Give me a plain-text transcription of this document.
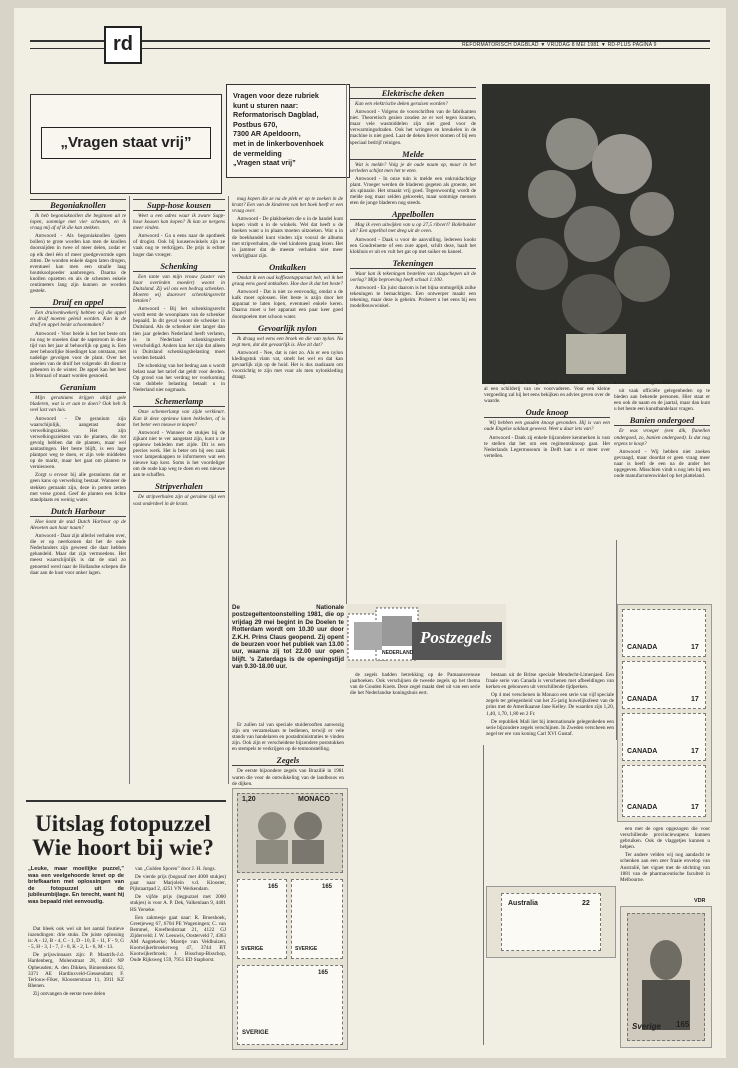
rd	REFORMATORISCH DAGBLAD ▼ VRIJDAG 8 MEI 1981 ▼ RD-PLUS PAGINA 9
„Vragen staat vrij”
Vragen voor deze rubriek
kunt u sturen naar:
Reformatorisch Dagblad,
Postbus 670,
7300 AR Apeldoorn,
met in de linkerbovenhoek
de vermelding
„Vragen staat vrij”
Begoniaknollen

Ik heb begoniaknollen die beginnen uit te lopen, sommige met vier scheuten, en ik vraag mij af of ik die kan stekken.

Antwoord - Als begoniaknollen (geen bollen) te grote worden kan men de knollen doorsnijden in twee of meer delen, zodat er op elk deel één of meer goedgevormde ogen zitten. De wonden enkele dagen laten drogen, eventueel kan men een smalle laag houtskoolpoeder aanbrengen. Daarna de knollen opzetten en als de scheuten enkele centimeters lang zijn kunnen ze worden gestekt.

Druif en appel

Een druivenkwekerij hebben wij die appel en druif moeten geleid worden. Kan ik de druif en appel beide schoonmaken?

Antwoord - Voor beide is het het beste om nu nog te snoeien daar de sapstroom in deze tijd van het jaar al behoorlijk op gang is. Een zeer behoorlijke bloedinget kan ontstaan, met nadelige gevolgen voor de plant. Over het snoeien van de druif het volgende: dit dient te gebeuren in de winter. De appel kan het best in februari of maart worden gesnoeid.

Geranium

Mijn geraniums krijgen altijd gele bladeren, wat is er aan te doen? Ook heb ik veel last van luis.

Antwoord - De geranium zijn waarschijnlijk, aangetast door verwelkingsziekte. Het zijn verwelkingsziekten van de planten, die tot gevolg hebben dat de planten, maar wel aantastingen. Het beste blijft, is een lage plantpot weg te doen, er zijn vele middelen op de markt, maar het gaat om planten te vernieuwen.

Zorgt u ervoor bij alle geraniums dat er geen kans op verwelking bestaat. Wanneer de stekken gemaakt zijn, deze in potten zetten met verse grond. Geef de planten een lichte standplaats en weinig water.

Dutch Harbour

Hoe komt de stad Dutch Harbour op de Aleoeten aan haar naam?

Antwoord - Daar zijn allerlei verhalen over, die er op neerkomen dat het de oude Nederlanders zijn geweest die daar hebben gehandeld. Maar dat zijn vermoedens. Het meest waarschijnlijk is dat de stad zo genoemd werd naar de Hollandse schepen die daar aan de kust voor anker lagen.

Supp-hose kousen

Weet u een adres waar ik zware Supp-hose kousen kan kopen? Ik kan ze nergens meer vinden.

Antwoord - Ga u eens naar de apotheek of drogist. Ook bij kousenwinkels zijn ze vaak nog te verkrijgen. De prijs is echter hoger dan vroeger.

Schenking

Een tante van mijn vrouw (zuster van haar overleden moeder) woont in Duitsland. Zij wil ons een bedrag schenken. Moeten wij daarover schenkingsrecht betalen?

Antwoord - Bij het schenkingsrecht wordt eerst de woonplaats van de schenker bepaald. In dit geval woont de schenker in Duitsland. Als de schenker niet langer dan tien jaar geleden Nederland heeft verlaten, is in Nederland schenkingsrecht verschuldigd. Anders kan het zijn dat alleen in Duitsland schenkingsbelasting moet worden betaald.

De schenking van het bedrag aan u wordt belast naar het tarief dat geldt voor derden. Op grond van het verdrag ter voorkoming van dubbele belasting betaalt u in Nederland niet nogmaals.

Schemerlamp

Onze schemerlamp van zijde verkleurt. Kan ik deze opnieuw laten bekleden, of is het beter een nieuwe te kopen?

Antwoord - Wanneer de stukjes bij de zijkant niet te ver aangetast zijn, kunt u ze opnieuw bekleden met zijde. Dit is een precies werk. Het is beter om bij een zaak voor lampenkappen te informeren wat een nieuwe kap kost. Soms is het voordeliger om de oude kap weg te doen en een nieuwe aan te schaffen.

Stripverhalen

De stripverhalen zijn al geruime tijd een vast onderdeel in de krant.

mag kopen die ze na de plek er op te zoeken in de krant? Een van de kinderen van het boek heeft er een vraag over.

Antwoord - De plakboeken die u in de handel kunt kopen vindt u in de winkels. Wel dat heeft u de boeken want u in plaats moeten uitzoeken. Wat u in de boekhandel kunt vinden zijn vooral de albums met stripverhalen, die veel kinderen graag lezen. Het is jammer dat de meeste verhalen niet meer verkrijgbaar zijn.

Ontkalken

Omdat ik een oud koffiezetapparaat heb, wil ik het graag eens goed ontkalken. Hoe doe ik dat het beste?

Antwoord - Dat is niet zo eenvoudig, omdat u de kalk moet oplossen. Het beste is azijn door het apparaat te laten lopen, eventueel enkele keren. Daarna moet u het apparaat een paar keer goed doorspoelen met schoon water.

Gevoarlijk nylon

Ik draag wel eens een broek en die van nylon. Nu zegt men, dat dat gevaarlijk is. Hoe zit dat?

Antwoord - Nee, dat is niet zo. Als er een nylon kledingstuk vlam vat, smelt het wel en dat kan gevaarlijk zijn op de huid. Het is dus raadzaam om voorzichtig te zijn met vuur als men nylonkleding draagt.

Elektrische deken

Kan een elektrische deken geruisen worden?

Antwoord - Volgens de voorschriften van de fabrikanten niet. Theoretisch gezien zouden ze er wel tegen kunnen, maar vele wasmiddelen zijn niet goed voor de verwarmingsdraden. Ook het wringen en kreukelen in de machine is niet goed. Laat de deken liever stomen of bij een speciaal bedrijf reinigen.

Melde

Wat is melde? Volg je de oude naam op, maar in het verleden schijnt men het te eten.

Antwoord - In onze tuin is melde een onkruidachtige plant. Vroeger werden de bladeren gegeten als groente, net als spinazie. Het smaakt vrij goed. Tegenwoordig wordt de melde nog maar zelden gekweekt, maar sommige mensen eten de jonge bladeren nog steeds.

Appelbollen

Mag ik even uitwijken van u op 27,5 ribcerl? Bollebuiker uit? Een appelbol met deeg uit de oven.

Antwoord - Daak u voor de aanvulling. Iedereen kookt een Goudreinette of een zure appel, schilt deze, haalt het klokhuis er uit en vult het gat op met suiker en kaneel.

Tekeningen

Waar kan ik tekeningen bestellen van slagschepen uit de oorlog? Mijn beproeving heeft schaal 1:100.

Antwoord - En juist daarom is het bijna onmogelijk zulke tekeningen te bemachtigen. Een ontwerper maakt een tekening, maar deze is geheim. Probeert u het eens bij een modelbouwwinkel.

derwerp worden. Vraag daar wie de lezers ooit zijn. Er is al een schilderij van uw voorvaderen. Voor een kleine vergoeding zal hij het eens bekijken en advies geven over de waarde.

Oude knoop

Wij hebben een gouden knoop gevonden. Hij is van een oude Engelse soldaat geweest. Weet u daar iets van?

Antwoord - Dank zij enkele bijzondere kenmerken is vast te stellen dat het om een regimentsknoop gaat. Het Nederlands Legermuseum in Delft kan u er meer over vertellen.

● Geraniums met gele bladeren

uit vaak officiële gelegenheden op te bieden aan bekende personen. Hier staat er een ook de naam en de jaartal, maar dan kunt u het beste een kunsthandelaar vragen.

Banien ondergoed

Er was vroeger (een dik, flanellen ondergoed, zo, banien ondergoed). Is dat nog ergens te koop?

Antwoord - Wij hebben niet zoeken gevraagd, maar doordat er geen vraag meer naar is heeft de een na de ander het opgegeven. Misschien vindt u nog iets bij een oude manufacturenwinkel op het platteland.

Postzegels
NEDERLAND

De Nationale postzegeltentoonstelling 1981, die op vrijdag 29 mei begint in De Doelen te Rotterdam wordt om 10.30 uur door Z.K.H. Prins Claus geopend. Zij opent de beurzen voor het publiek van 13.00 uur, waarna zij tot 22.00 uur open blijft. 's Zaterdags is de openingstijd van 9.30-18.00 uur.

Er zullen tal van speciale stuiderooften aanwezig zijn om verzamelaars te bedienen, terwijl er vele stands van handelaren en postadministraties te vinden zijn. Ook zijn er verscheidene bijzondere poststukken en stempels te verkrijgen op de tentoonstelling.

Zegels

De eerste bijzondere zegels van Brazilië in 1981 waren die voor de ontwikkeling van de landbouw en de dijken.

CANADA	17
CANADA	17
CANADA	17
CANADA	17

de zegels hadden betrekking op de Pamaansvenuse jaarboeken. Ook verschijnen de tweede zegels op het thema van de Gouden Koets. Deze zegel maakt deel uit van een serie die het Nederlandse koningshuis eert.

bestaan uit de Britse speciale Mendecht-Limenjaed. Een fraaie serie van Canada is verschenen met afbeeldingen van kerken en gebouwen uit verschillende tijdperken.

Op 4 mei verschenen in Monaco een serie van vijf speciale zegels ter gelegenheid van het 25-jarig huwelijksfeest van de prins met de Amerikaanse Jane Kelley. De waarden zijn 1,20, 1,40, 1,70, 1,80 en 2 Fr.

De republiek Mali liet bij internationale gelegenheden een serie bijzondere zegels verschijnen. In Zweden verscheen een zegel ter ere van koning Carl XVI Gustaf.

een met de ogen opgezogen die voor verschillende provinciewapens kunnen gebruiken. Ook de vlaggetjes kunnen u helpen.

Ter andere velden wij nog aandacht te schenken aan een zeer fraaie envelop van Australië, het vignet met de stichting van 1881 van de pharmaceutische faculteit in Melbourne.

VDR
MONACO
1,20
SVERIGE
165
SVERIGE
165
SVERIGE
165
Australia	22
Sverige 165
Uitslag fotopuzzel
Wie hoort bij wie?

„Leuke, maar moeilijke puzzel,” was een veelgehoorde kreet op de briefkaarten met oplossingen van de fotopuzzel uit de jubileumbijlage. En terecht, want hij was bepaald niet eenvoudig.

Dat bleek ook wel uit het aantal foutieve inzendingen: drie stuks. De juiste oplossing is: A - 12, B - 4, C - 1, D - 10, E - 11, F - 9, G - 5, H - 3, I - 7, J - 8, K - 2, L - 6, M - 13.

De prijswinnaars zijn: P. Mastrifs-J.d. Hardenberg, Molenstraat 28, 4043 NP Opheusden; A. den Dikken, Binnenskens 62, 3371 AE Hardinxveld-Giessendam; F. Terlouw-Fiker, Kloosterstraat 11, 3911 KZ Rhenen.

Zij ontvangen de eerste twee delen

van „Gulden Sporen” door J. H. Jongs.

De vierde prijs (bogusaf met 4000 stukjes) gaat naar Marjolein v.d. Klooster, Pijlstaartpad 2, 4251 VN Werkendam.

De vijfde prijs (legpuzzel met 2000 stukjes) is voor A. P. Dek, Valkenlaan 9, 4401 HS Yerseke.

Een zakmesje gaat naar: R. Broeshoek, Greetjeweg 67, 6704 PE Wageningen; C. van Bemmel, Kreeftenlstraat 21, 4122 GJ Zijderveld; J. W. Leeuwis, Oosterveld 7, 4363 AM Aagtekerke; Maretje van Veldhuizen, Kootwijkerbroekerweg 47, 3744 BT Kootwijkerbroek; J. Bisschop-Bisschop, Oude Rijksweg 159, 7951 ED Staphorst.
